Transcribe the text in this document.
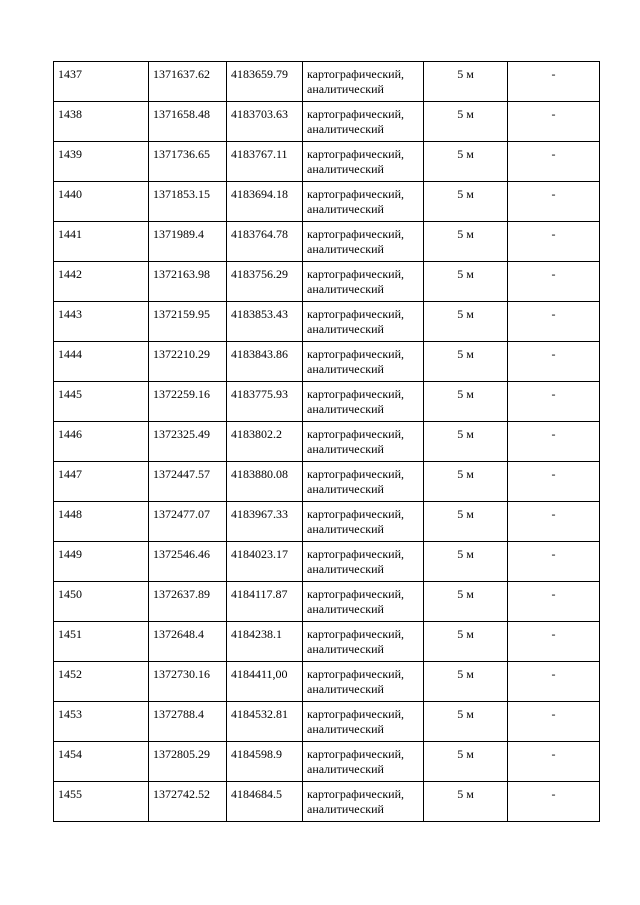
1437	1371637.62	4183659.79	картографический,
аналитический	5 м	-
1438	1371658.48	4183703.63	картографический,
аналитический	5 м	-
1439	1371736.65	4183767.11	картографический,
аналитический	5 м	-
1440	1371853.15	4183694.18	картографический,
аналитический	5 м	-
1441	1371989.4	4183764.78	картографический,
аналитический	5 м	-
1442	1372163.98	4183756.29	картографический,
аналитический	5 м	-
1443	1372159.95	4183853.43	картографический,
аналитический	5 м	-
1444	1372210.29	4183843.86	картографический,
аналитический	5 м	-
1445	1372259.16	4183775.93	картографический,
аналитический	5 м	-
1446	1372325.49	4183802.2	картографический,
аналитический	5 м	-
1447	1372447.57	4183880.08	картографический,
аналитический	5 м	-
1448	1372477.07	4183967.33	картографический,
аналитический	5 м	-
1449	1372546.46	4184023.17	картографический,
аналитический	5 м	-
1450	1372637.89	4184117.87	картографический,
аналитический	5 м	-
1451	1372648.4	4184238.1	картографический,
аналитический	5 м	-
1452	1372730.16	4184411,00	картографический,
аналитический	5 м	-
1453	1372788.4	4184532.81	картографический,
аналитический	5 м	-
1454	1372805.29	4184598.9	картографический,
аналитический	5 м	-
1455	1372742.52	4184684.5	картографический,
аналитический	5 м	-
